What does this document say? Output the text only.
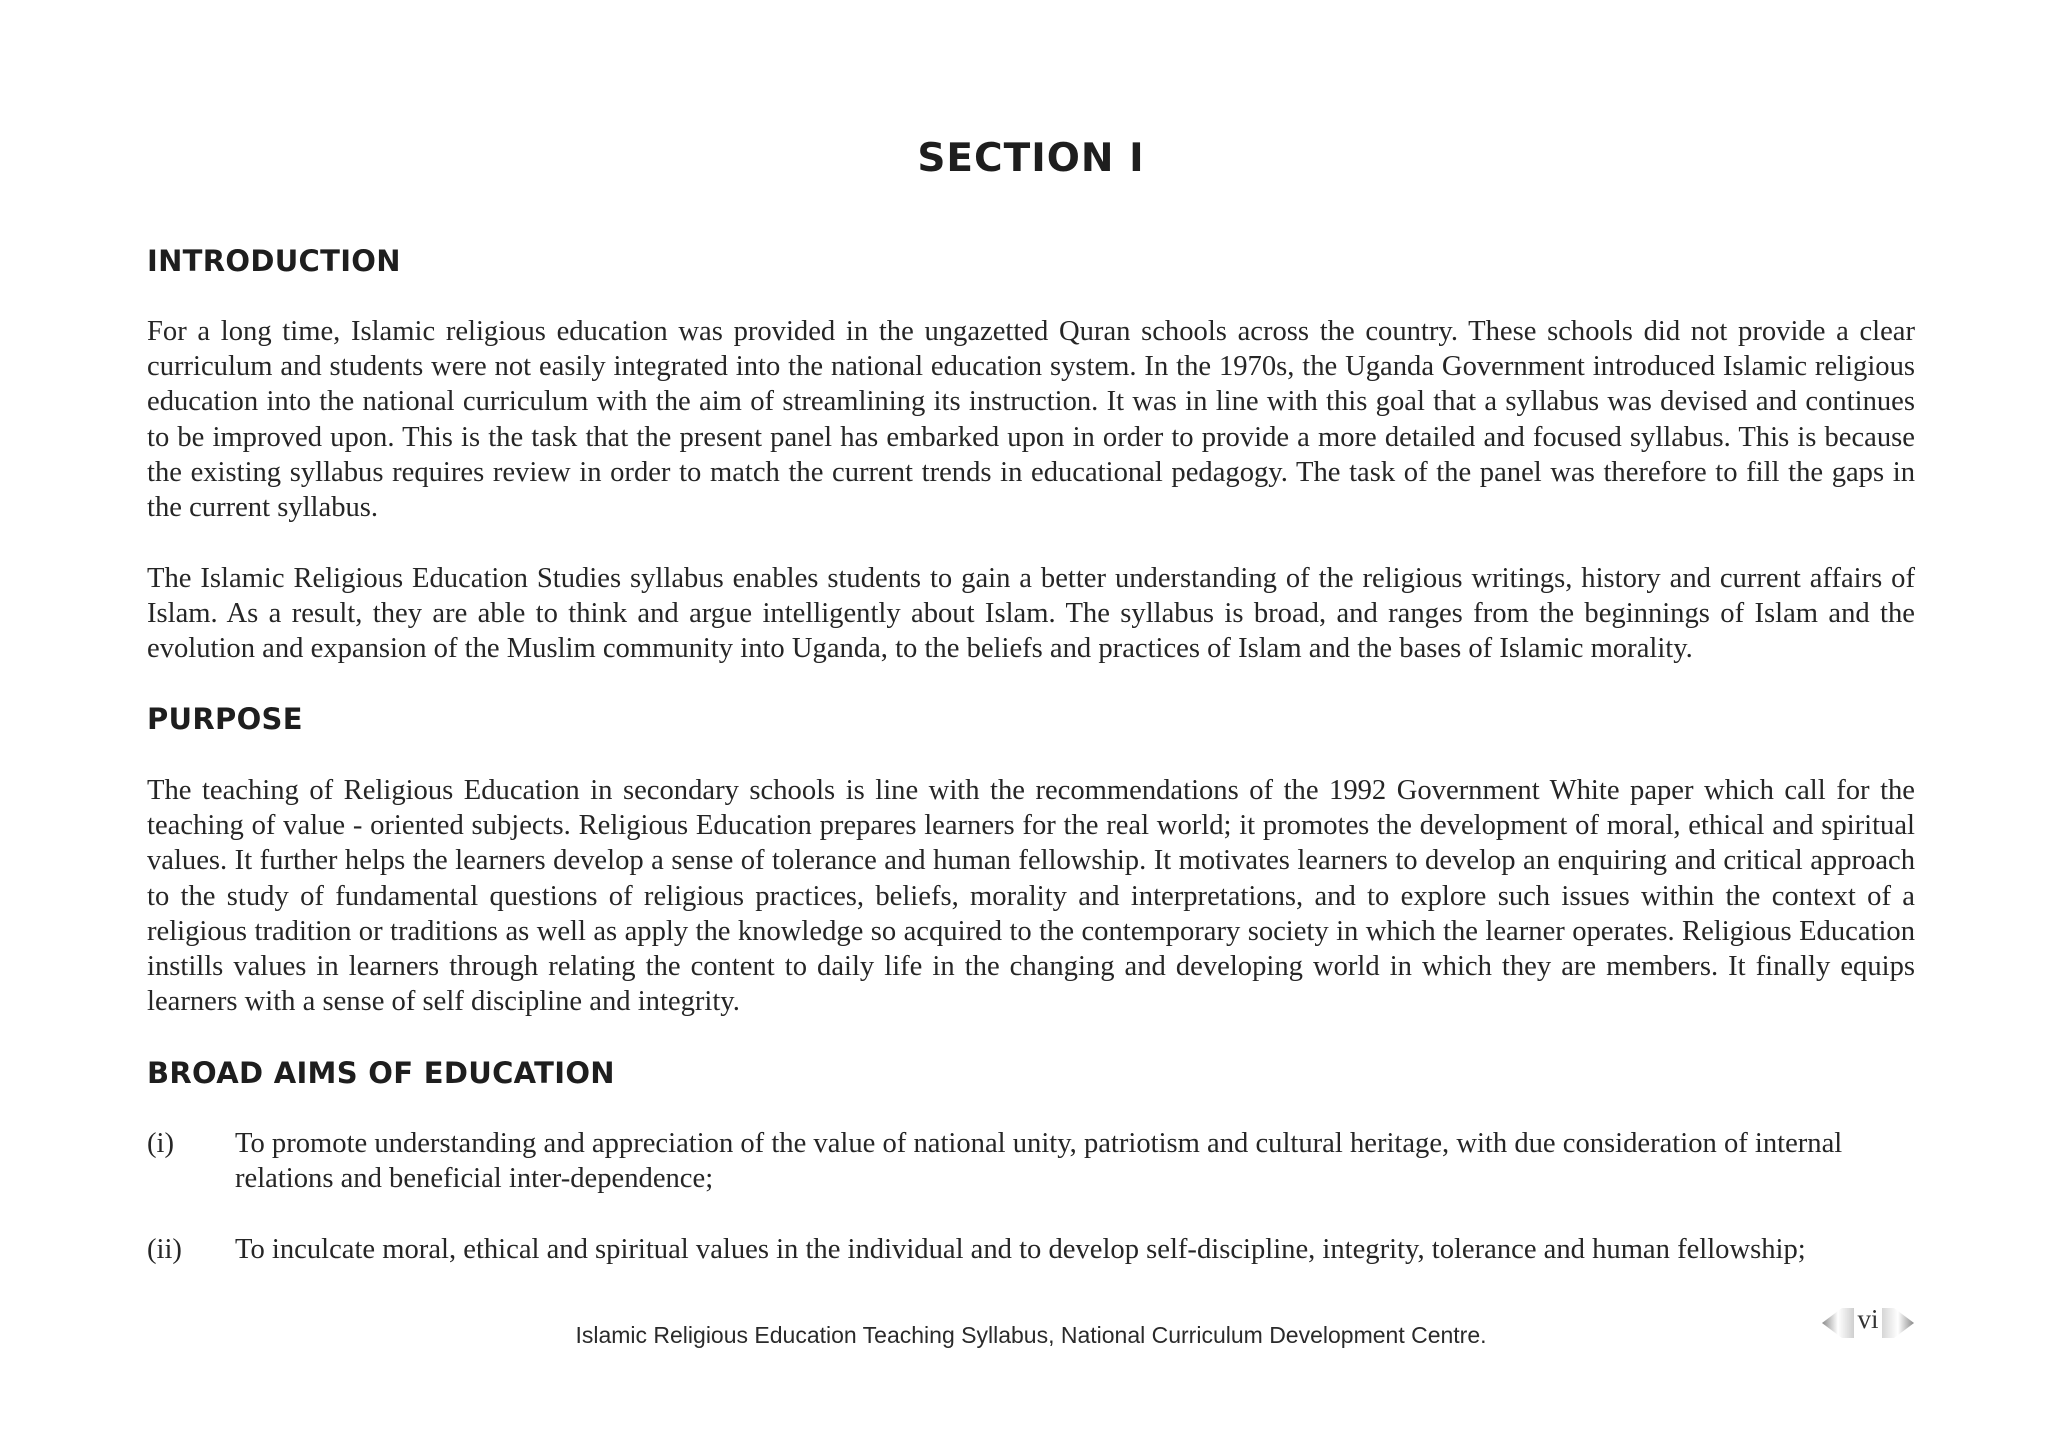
SECTION I
INTRODUCTION

For a long time, Islamic religious education was provided in the ungazetted Quran schools across the country. These schools did not provide a clear curriculum and students were not easily integrated into the national education system. In the 1970s, the Uganda Government introduced Islamic religious education into the national curriculum with the aim of streamlining its instruction. It was in line with this goal that a syllabus was devised and continues to be improved upon. This is the task that the present panel has embarked upon in order to provide a more detailed and focused syllabus. This is because the existing syllabus requires review in order to match the current trends in educational pedagogy. The task of the panel was therefore to fill the gaps in the current syllabus.

The Islamic Religious Education Studies syllabus enables students to gain a better understanding of the religious writings, history and current affairs of Islam. As a result, they are able to think and argue intelligently about Islam. The syllabus is broad, and ranges from the beginnings of Islam and the evolution and expansion of the Muslim community into Uganda, to the beliefs and practices of Islam and the bases of Islamic morality.

PURPOSE

The teaching of Religious Education in secondary schools is line with the recommendations of the 1992 Government White paper which call for the teaching of value - oriented subjects. Religious Education prepares learners for the real world; it promotes the development of moral, ethical and spiritual values. It further helps the learners develop a sense of tolerance and human fellowship. It motivates learners to develop an enquiring and critical approach to the study of fundamental questions of religious practices, beliefs, morality and interpretations, and to explore such issues within the context of a religious tradition or traditions as well as apply the knowledge so acquired to the contemporary society in which the learner operates. Religious Education instills values in learners through relating the content to daily life in the changing and developing world in which they are members. It finally equips learners with a sense of self discipline and integrity.

BROAD AIMS OF EDUCATION
(i) To promote understanding and appreciation of the value of national unity, patriotism and cultural heritage, with due consideration of internal relations and beneficial inter-dependence;
(ii) To inculcate moral, ethical and spiritual values in the individual and to develop self-discipline, integrity, tolerance and human fellowship;
Islamic Religious Education Teaching Syllabus, National Curriculum Development Centre.
vi
